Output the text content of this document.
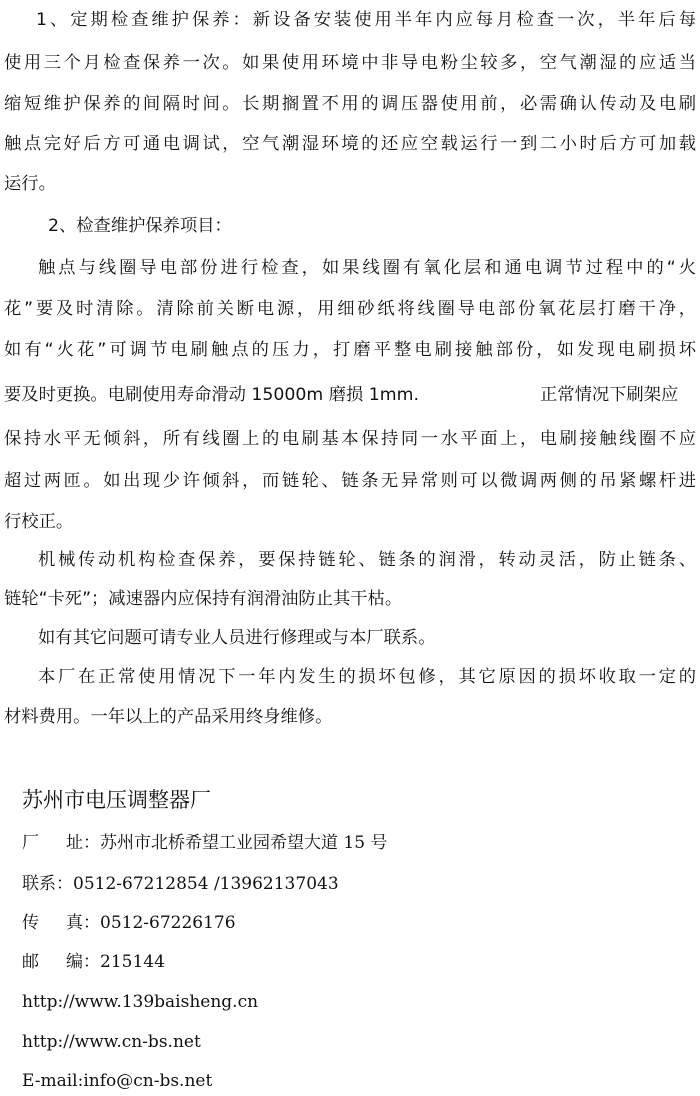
1、定期检查维护保养：新设备安装使用半年内应每月检查一次，半年后每
使用三个月检查保养一次。如果使用环境中非导电粉尘较多，空气潮湿的应适当
缩短维护保养的间隔时间。长期搁置不用的调压器使用前，必需确认传动及电刷
触点完好后方可通电调试，空气潮湿环境的还应空载运行一到二小时后方可加载
运行。
2、检查维护保养项目：
触点与线圈导电部份进行检查，如果线圈有氧化层和通电调节过程中的“火
花”要及时清除。清除前关断电源，用细砂纸将线圈导电部份氧花层打磨干净，
如有“火花”可调节电刷触点的压力，打磨平整电刷接触部份，如发现电刷损坏
要及时更换。电刷使用寿命滑动 15000m 磨损 1mm.	正常情况下刷架应
保持水平无倾斜，所有线圈上的电刷基本保持同一水平面上，电刷接触线圈不应
超过两匝。如出现少许倾斜，而链轮、链条无异常则可以微调两侧的吊紧螺杆进
行校正。
机械传动机构检查保养，要保持链轮、链条的润滑，转动灵活，防止链条、
链轮“卡死”；减速器内应保持有润滑油防止其干枯。
如有其它问题可请专业人员进行修理或与本厂联系。
本厂在正常使用情况下一年内发生的损坏包修，其它原因的损坏收取一定的
材料费用。一年以上的产品采用终身维修。
苏州市电压调整器厂
厂 址：苏州市北桥希望工业园希望大道 15 号
联系：0512-67212854 /13962137043
传 真：0512-67226176
邮 编：215144
http://www.139baisheng.cn
http://www.cn-bs.net
E-mail:info@cn-bs.net
